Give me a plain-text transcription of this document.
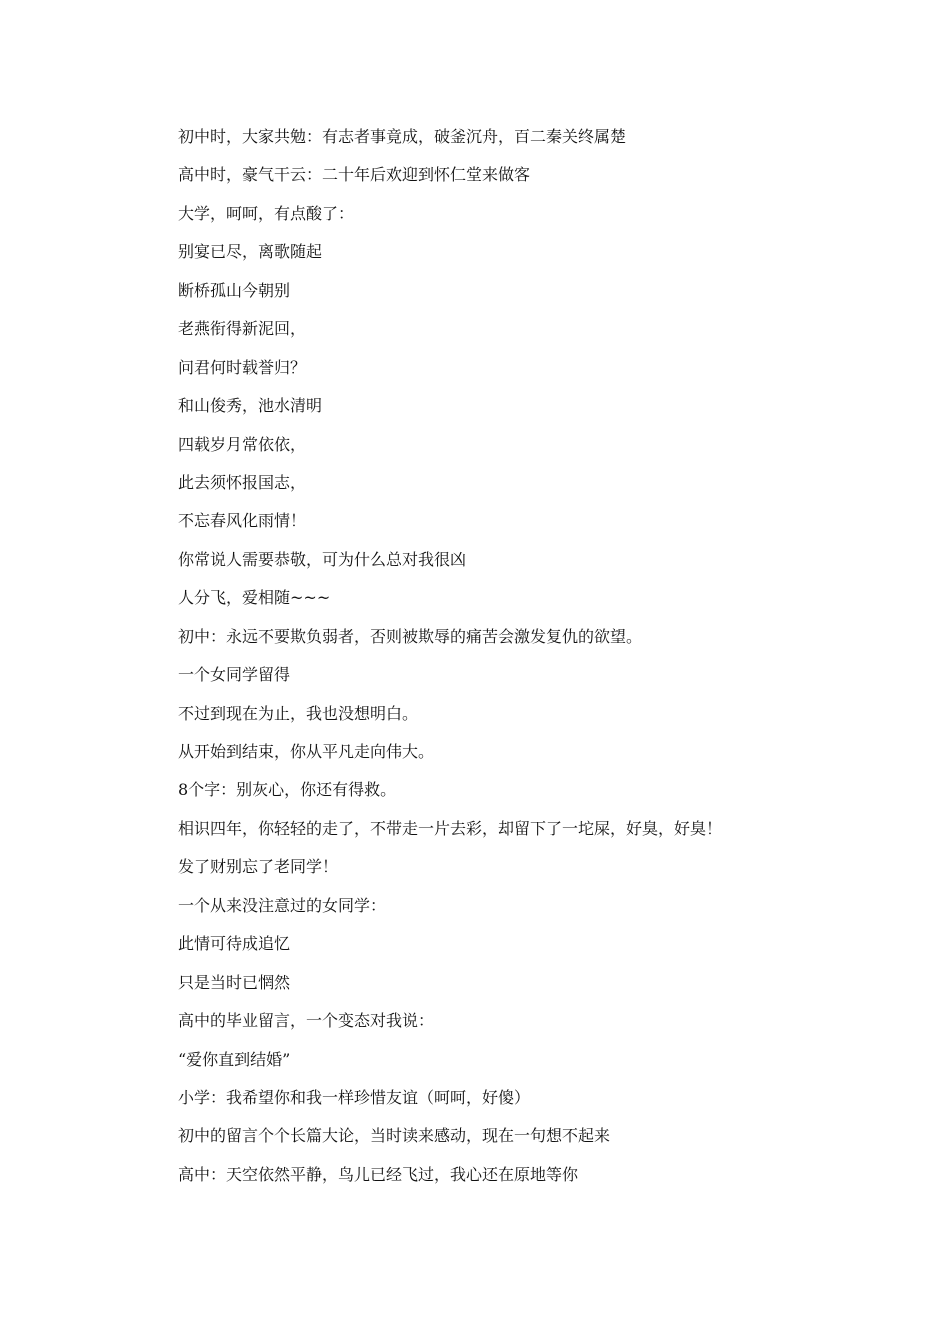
初中时，大家共勉：有志者事竟成，破釜沉舟，百二秦关终属楚

高中时，豪气干云：二十年后欢迎到怀仁堂来做客

大学，呵呵，有点酸了：

别宴已尽，离歌随起

断桥孤山今朝别

老燕衔得新泥回，

问君何时载誉归？

和山俊秀，池水清明

四载岁月常依依，

此去须怀报国志，

不忘春风化雨情！

你常说人需要恭敬，可为什么总对我很凶

人分飞，爱相随~~~

初中：永远不要欺负弱者，否则被欺辱的痛苦会激发复仇的欲望。

一个女同学留得

不过到现在为止，我也没想明白。

从开始到结束，你从平凡走向伟大。

8个字：别灰心，你还有得救。

相识四年，你轻轻的走了，不带走一片去彩，却留下了一坨屎，好臭，好臭！

发了财别忘了老同学！

一个从来没注意过的女同学：

此情可待成追忆

只是当时已惘然

高中的毕业留言，一个变态对我说：

“爱你直到结婚”

小学：我希望你和我一样珍惜友谊（呵呵，好傻）

初中的留言个个长篇大论，当时读来感动，现在一句想不起来

高中：天空依然平静，鸟儿已经飞过，我心还在原地等你
